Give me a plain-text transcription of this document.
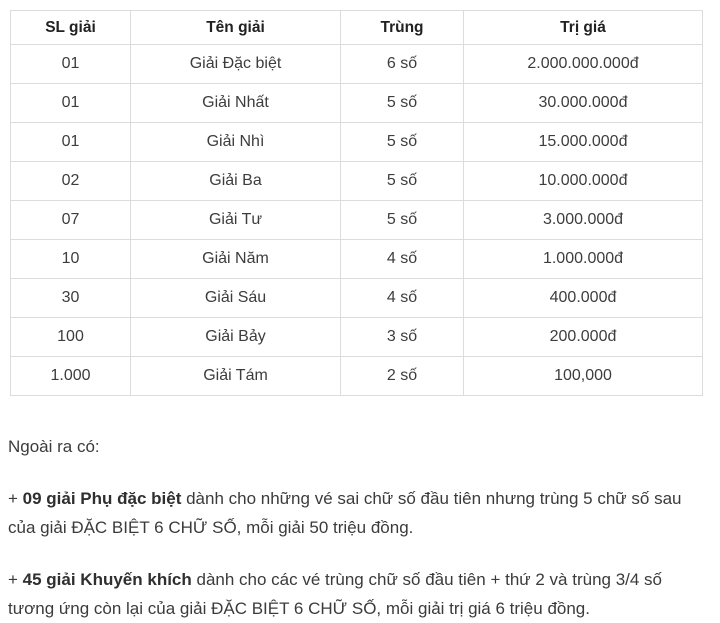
SL giải	Tên giải	Trùng	Trị giá
01	Giải Đặc biệt	6 số	2.000.000.000đ
01	Giải Nhất	5 số	30.000.000đ
01	Giải Nhì	5 số	15.000.000đ
02	Giải Ba	5 số	10.000.000đ
07	Giải Tư	5 số	3.000.000đ
10	Giải Năm	4 số	1.000.000đ
30	Giải Sáu	4 số	400.000đ
100	Giải Bảy	3 số	200.000đ
1.000	Giải Tám	2 số	100,000

Ngoài ra có:

+ 09 giải Phụ đặc biệt dành cho những vé sai chữ số đầu tiên nhưng trùng 5 chữ số sau của giải ĐẶC BIỆT 6 CHỮ SỐ, mỗi giải 50 triệu đồng.

+ 45 giải Khuyến khích dành cho các vé trùng chữ số đầu tiên + thứ 2 và trùng 3/4 số tương ứng còn lại của giải ĐẶC BIỆT 6 CHỮ SỐ, mỗi giải trị giá 6 triệu đồng.
